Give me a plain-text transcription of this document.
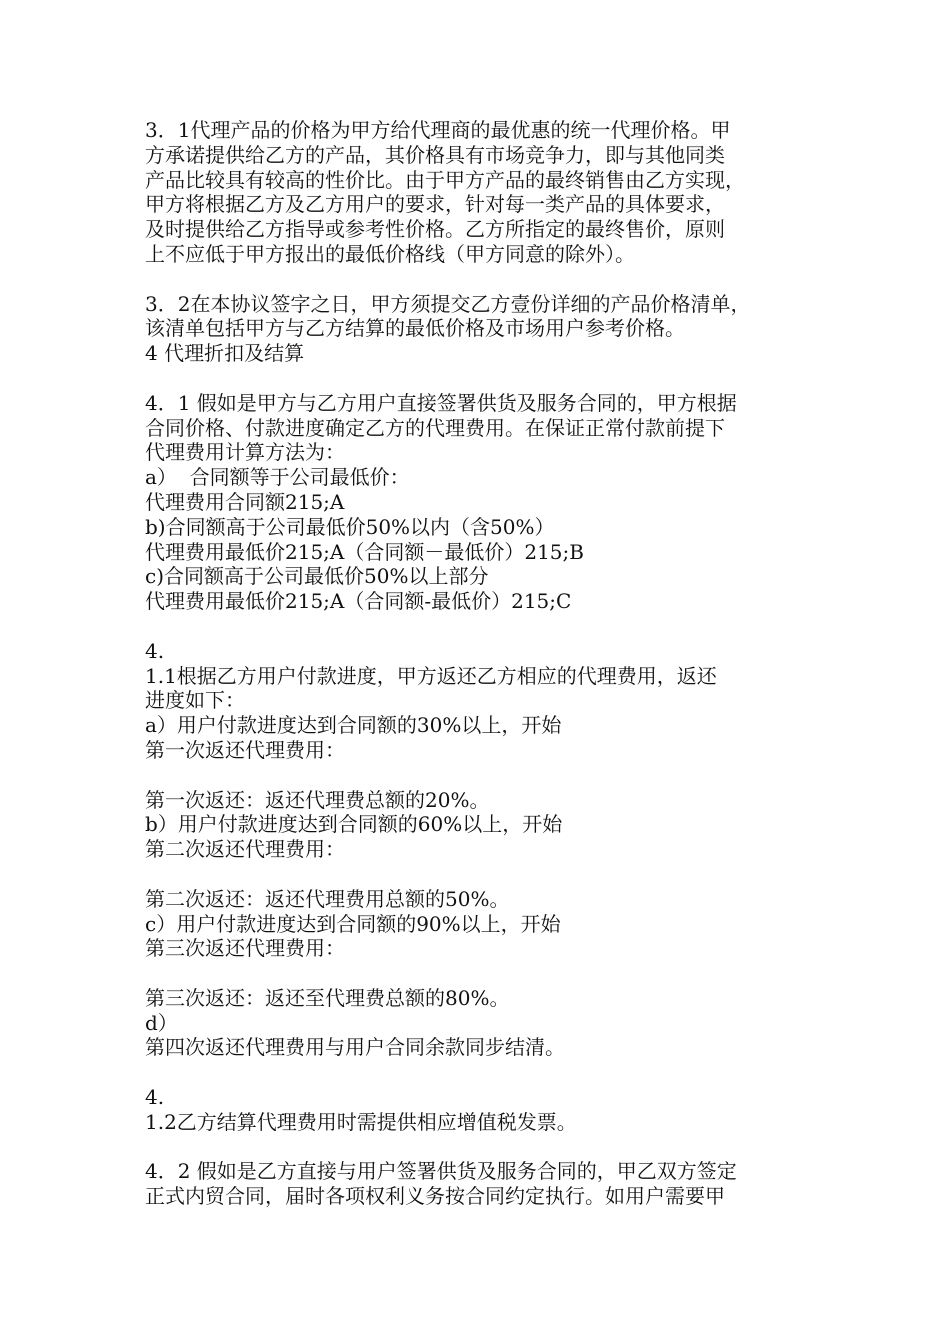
3．1代理产品的价格为甲方给代理商的最优惠的统一代理价格。甲
方承诺提供给乙方的产品，其价格具有市场竞争力，即与其他同类
产品比较具有较高的性价比。由于甲方产品的最终销售由乙方实现，
甲方将根据乙方及乙方用户的要求，针对每一类产品的具体要求，
及时提供给乙方指导或参考性价格。乙方所指定的最终售价，原则
上不应低于甲方报出的最低价格线（甲方同意的除外）。
3．2在本协议签字之日，甲方须提交乙方壹份详细的产品价格清单，
该清单包括甲方与乙方结算的最低价格及市场用户参考价格。
4 代理折扣及结算
4．1 假如是甲方与乙方用户直接签署供货及服务合同的，甲方根据
合同价格、付款进度确定乙方的代理费用。在保证正常付款前提下
代理费用计算方法为：
a）  合同额等于公司最低价：
代理费用合同额215;A
b)合同额高于公司最低价50%以内（含50%）
代理费用最低价215;A（合同额－最低价）215;B
c)合同额高于公司最低价50%以上部分
代理费用最低价215;A（合同额-最低价）215;C
4.
1.1根据乙方用户付款进度，甲方返还乙方相应的代理费用，返还
进度如下：
a）用户付款进度达到合同额的30%以上，开始
第一次返还代理费用：
第一次返还：返还代理费总额的20%。
b）用户付款进度达到合同额的60%以上，开始
第二次返还代理费用：
第二次返还：返还代理费用总额的50%。
c）用户付款进度达到合同额的90%以上，开始
第三次返还代理费用：
第三次返还：返还至代理费总额的80%。
d）
第四次返还代理费用与用户合同余款同步结清。
4.
1.2乙方结算代理费用时需提供相应增值税发票。
4．2 假如是乙方直接与用户签署供货及服务合同的，甲乙双方签定
正式内贸合同，届时各项权利义务按合同约定执行。如用户需要甲
